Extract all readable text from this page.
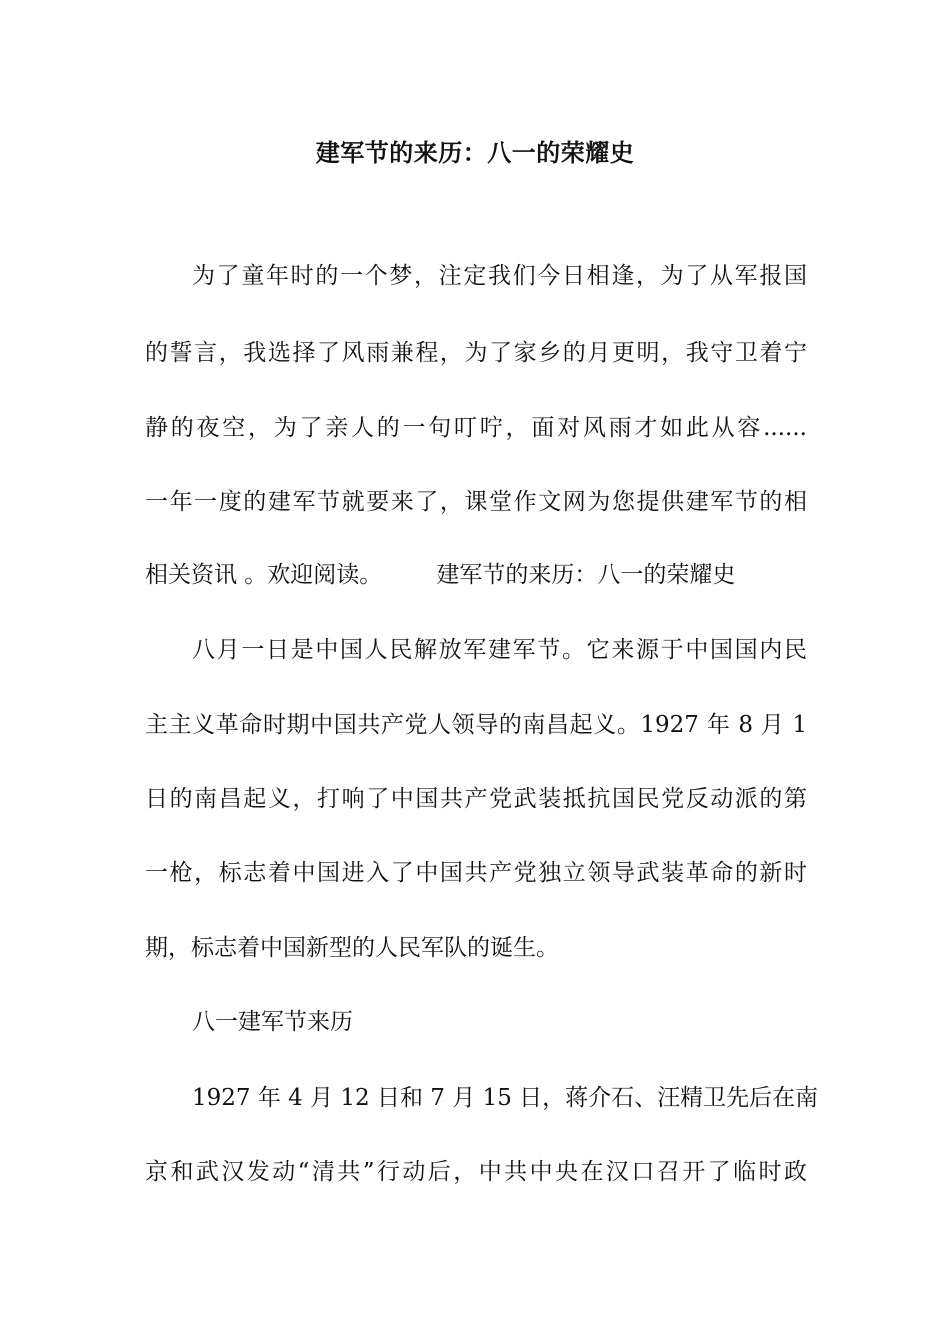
建军节的来历：八一的荣耀史
为了童年时的一个梦，注定我们今日相逢，为了从军报国
的誓言，我选择了风雨兼程，为了家乡的月更明，我守卫着宁
静的夜空，为了亲人的一句叮咛，面对风雨才如此从容......
一年一度的建军节就要来了，课堂作文网为您提供建军节的相
相关资讯 。欢迎阅读。 建军节的来历：八一的荣耀史
八月一日是中国人民解放军建军节。它来源于中国国内民
主主义革命时期中国共产党人领导的南昌起义。1927 年 8 月 1
日的南昌起义，打响了中国共产党武装抵抗国民党反动派的第
一枪，标志着中国进入了中国共产党独立领导武装革命的新时
期，标志着中国新型的人民军队的诞生。
八一建军节来历
1927 年 4 月 12 日和 7 月 15 日，蒋介石、汪精卫先后在南
京和武汉发动“清共”行动后，中共中央在汉口召开了临时政
